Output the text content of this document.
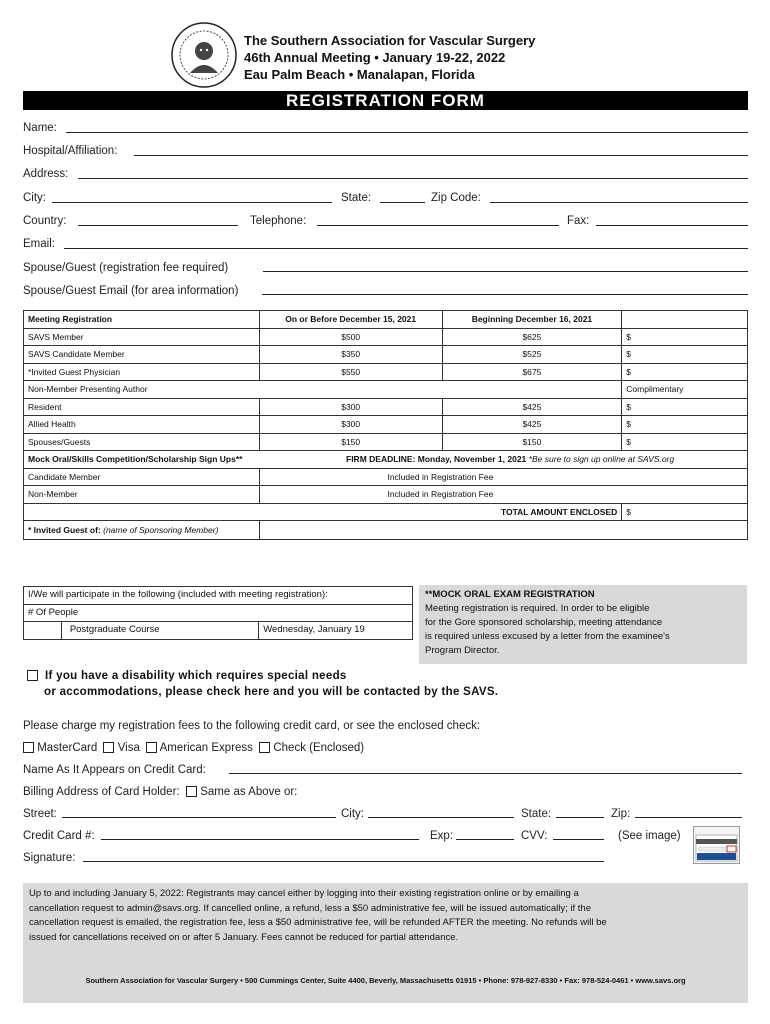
The Southern Association for Vascular Surgery
46th Annual Meeting • January 19-22, 2022
Eau Palm Beach • Manalapan, Florida
REGISTRATION FORM
Name:
Hospital/Affiliation:
Address:
City:	State:	Zip Code:
Country:	Telephone:	Fax:
Email:
Spouse/Guest (registration fee required)
Spouse/Guest Email (for area information)
Meeting Registration	On or Before December 15, 2021	Beginning December 16, 2021	
SAVS Member	$500	$625	$
SAVS Candidate Member	$350	$525	$
*Invited Guest Physician	$550	$675	$
Non-Member Presenting Author			Complimentary
Resident	$300	$425	$
Allied Health	$300	$425	$
Spouses/Guests	$150	$150	$
Mock Oral/Skills Competition/Scholarship Sign Ups** FIRM DEADLINE: Monday, November 1, 2021 *Be sure to sign up online at SAVS.org			

Candidate Member	Included in Registration Fee		
Non-Member	Included in Registration Fee		
TOTAL AMOUNT ENCLOSED			$
* Invited Guest of: (name of Sponsoring Member)			
I/We will participate in the following (included with meeting registration):
# Of People
	Postgraduate Course	Wednesday, January 19
**MOCK ORAL EXAM REGISTRATION
Meeting registration is required. In order to be eligible
for the Gore sponsored scholarship, meeting attendance
is required unless excused by a letter from the examinee's
Program Director.
If you have a disability which requires special needs
or accommodations, please check here and you will be contacted by the SAVS.
Please charge my registration fees to the following credit card, or see the enclosed check:
MasterCard Visa American Express Check (Enclosed)
Name As It Appears on Credit Card:
Billing Address of Card Holder: Same as Above or:
Street:	City:	State:	Zip:
Credit Card #:	Exp:	CVV:	(See image)
Signature:
Up to and including January 5, 2022: Registrants may cancel either by logging into their existing registration online or by emailing a
cancellation request to admin@savs.org. If cancelled online, a refund, less a $50 administrative fee, will be issued automatically; if the
cancellation request is emailed, the registration fee, less a $50 administrative fee, will be refunded AFTER the meeting. No refunds will be
issued for cancellations received on or after 5 January. Fees cannot be reduced for partial attendance.
Southern Association for Vascular Surgery • 500 Cummings Center, Suite 4400, Beverly, Massachusetts 01915 • Phone: 978-927-8330 • Fax: 978-524-0461 • www.savs.org
